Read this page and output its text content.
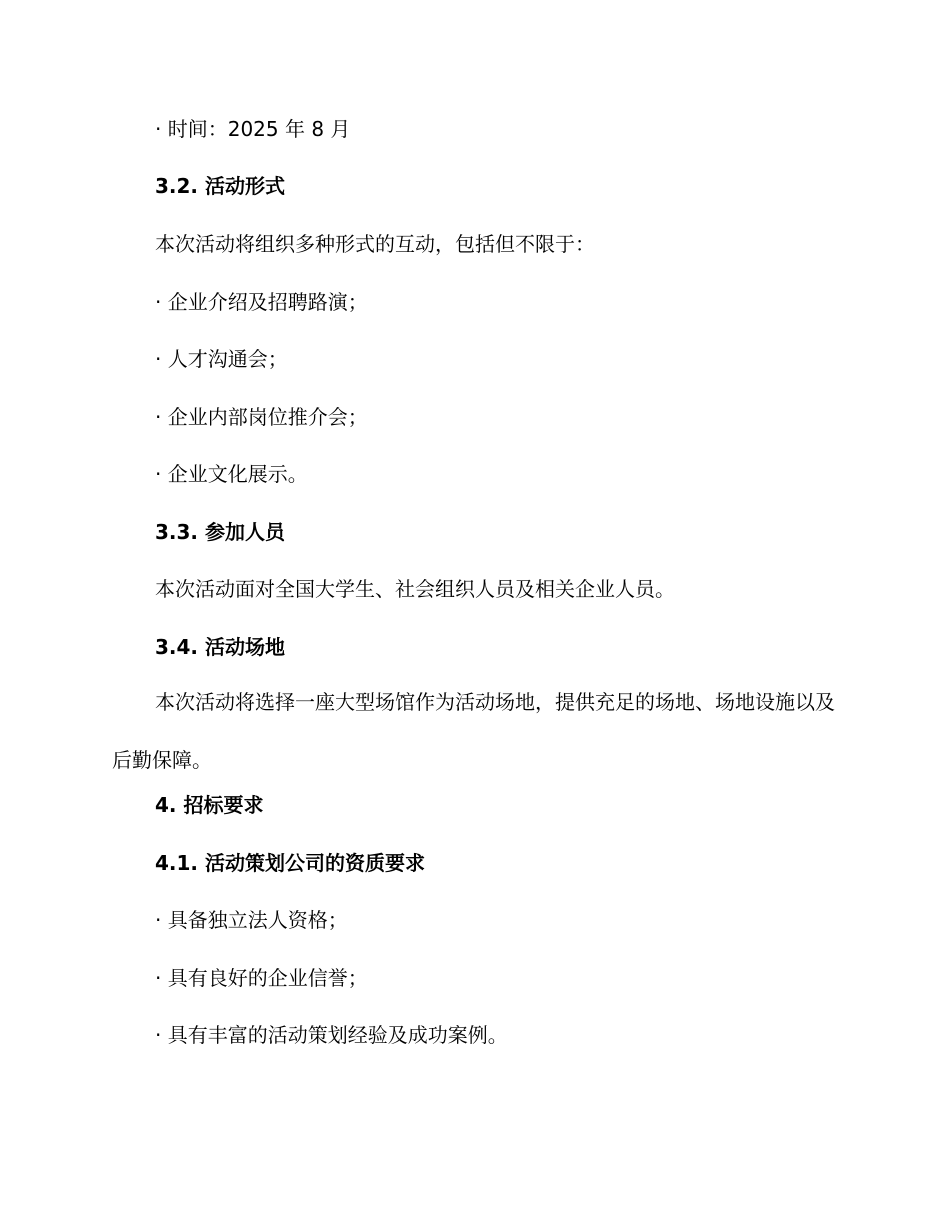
· 时间：2025 年 8 月
3.2. 活动形式
本次活动将组织多种形式的互动，包括但不限于：
· 企业介绍及招聘路演；
· 人才沟通会；
· 企业内部岗位推介会；
· 企业文化展示。
3.3. 参加人员
本次活动面对全国大学生、社会组织人员及相关企业人员。
3.4. 活动场地
本次活动将选择一座大型场馆作为活动场地，提供充足的场地、场地设施以及后勤保障。
4. 招标要求
4.1. 活动策划公司的资质要求
· 具备独立法人资格；
· 具有良好的企业信誉；
· 具有丰富的活动策划经验及成功案例。
